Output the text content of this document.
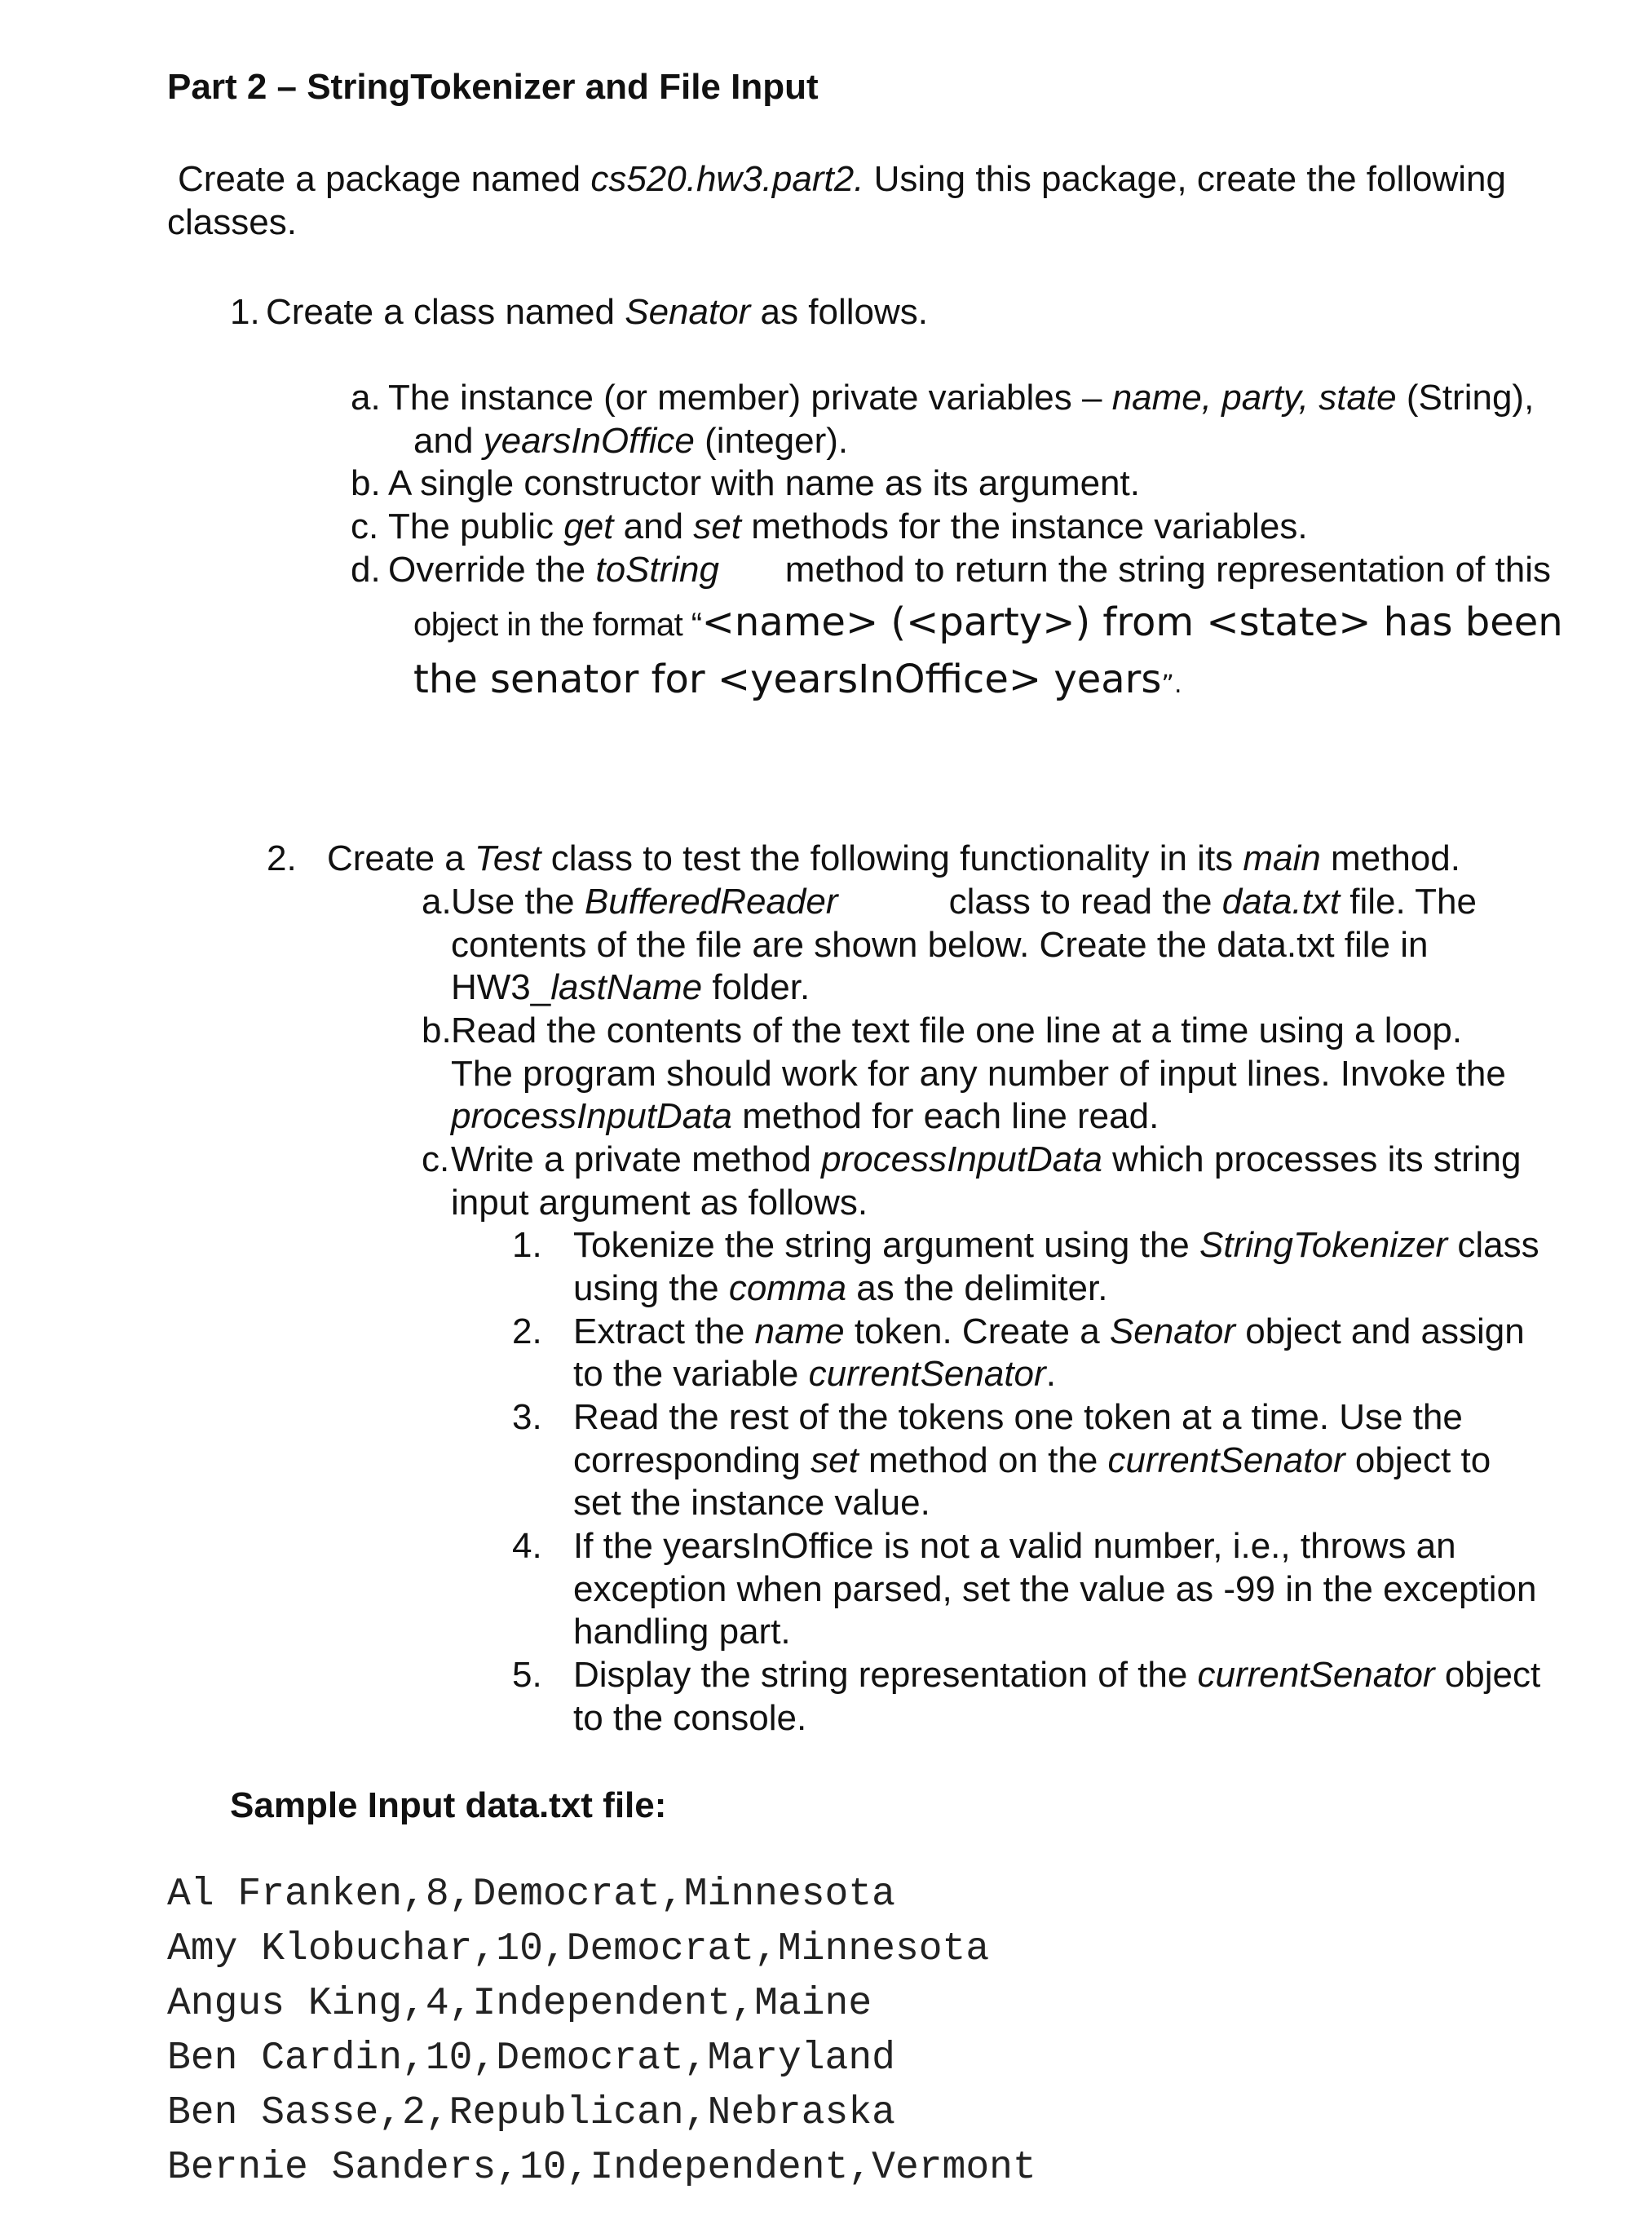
Part 2 – StringTokenizer and File Input
Create a package named cs520.hw3.part2. Using this package, create the following
classes.
1. Create a class named Senator as follows.
a. The instance (or member) private variables – name, party, state (String),
and yearsInOffice (integer).
b. A single constructor with name as its argument.
c. The public get and set methods for the instance variables.
d. Override the toString method to return the string representation of this
object in the format “<name> (<party>) from <state> has been
the senator for <yearsInOffice> years”.
2. Create a Test class to test the following functionality in its main method.
a. Use the BufferedReader	class to read the data.txt file. The
contents of the file are shown below. Create the data.txt file in
HW3_lastName folder.
b. Read the contents of the text file one line at a time using a loop.
The program should work for any number of input lines. Invoke the
processInputData method for each line read.
c. Write a private method processInputData which processes its string
input argument as follows.
1. Tokenize the string argument using the StringTokenizer class
using the comma as the delimiter.
2. Extract the name token. Create a Senator object and assign
to the variable currentSenator.
3. Read the rest of the tokens one token at a time. Use the
corresponding set method on the currentSenator object to
set the instance value.
4. If the yearsInOffice is not a valid number, i.e., throws an
exception when parsed, set the value as -99 in the exception
handling part.
5. Display the string representation of the currentSenator object
to the console.
Sample Input data.txt file:
Al Franken,8,Democrat,Minnesota
Amy Klobuchar,10,Democrat,Minnesota
Angus King,4,Independent,Maine
Ben Cardin,10,Democrat,Maryland
Ben Sasse,2,Republican,Nebraska
Bernie Sanders,10,Independent,Vermont
